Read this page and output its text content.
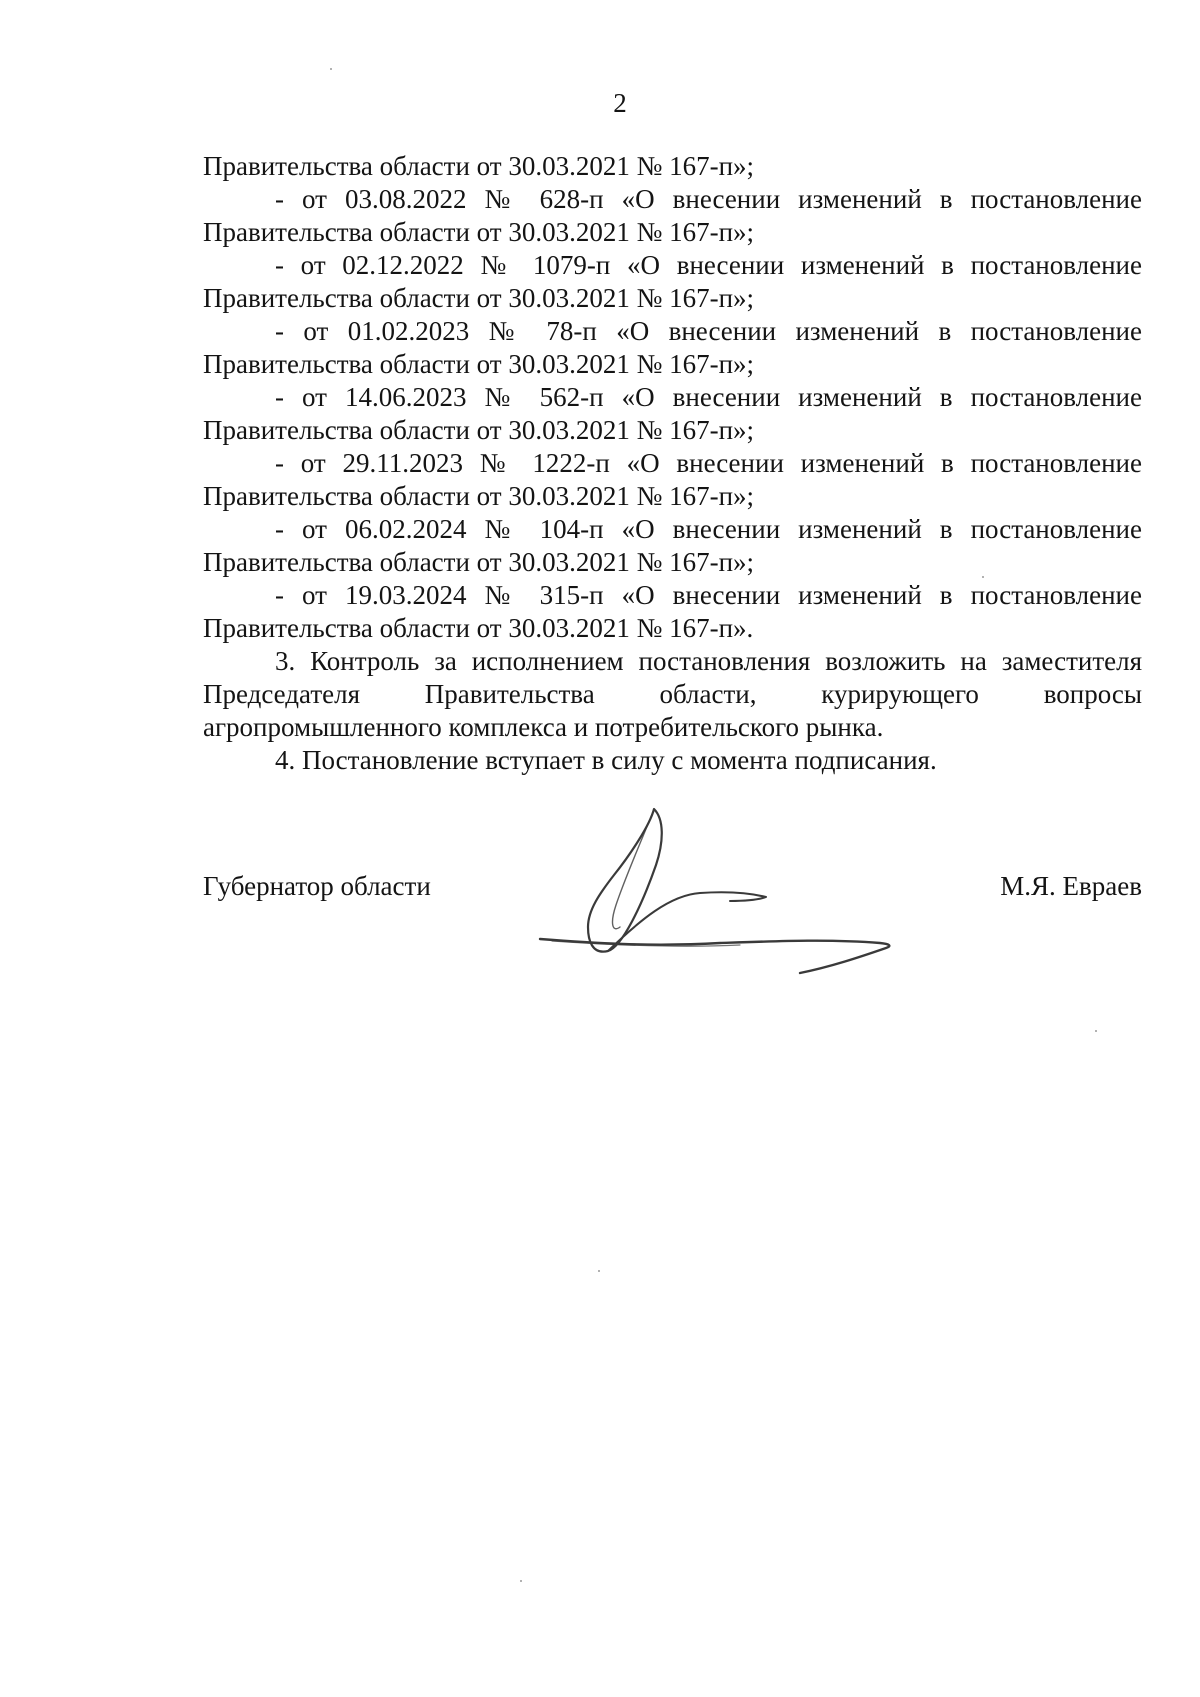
2
Правительства области от 30.03.2021 № 167-п»;
- от 03.08.2022 № 628-п «О внесении изменений в постановление
Правительства области от 30.03.2021 № 167-п»;
- от 02.12.2022 № 1079-п «О внесении изменений в постановление
Правительства области от 30.03.2021 № 167-п»;
- от 01.02.2023 № 78-п «О внесении изменений в постановление
Правительства области от 30.03.2021 № 167-п»;
- от 14.06.2023 № 562-п «О внесении изменений в постановление
Правительства области от 30.03.2021 № 167-п»;
- от 29.11.2023 № 1222-п «О внесении изменений в постановление
Правительства области от 30.03.2021 № 167-п»;
- от 06.02.2024 № 104-п «О внесении изменений в постановление
Правительства области от 30.03.2021 № 167-п»;
- от 19.03.2024 № 315-п «О внесении изменений в постановление
Правительства области от 30.03.2021 № 167-п».
3. Контроль за исполнением постановления возложить на заместителя
Председателя Правительства области, курирующего вопросы
агропромышленного комплекса и потребительского рынка.
4. Постановление вступает в силу с момента подписания.
Губернатор области	М.Я. Евраев
